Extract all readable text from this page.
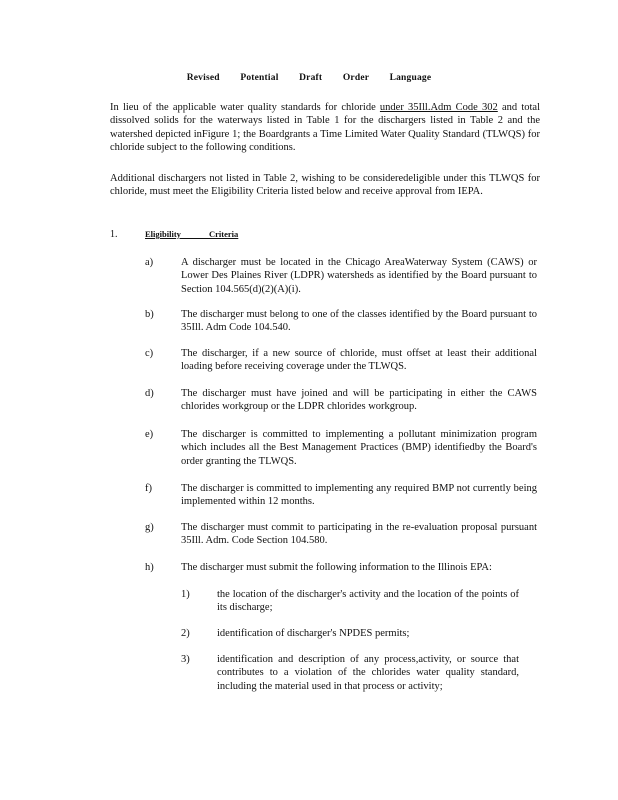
Revised Potential Draft Order Language
In lieu of the applicable water quality standards for chloride under 35Ill.Adm Code 302 and total dissolved solids for the waterways listed in Table 1 for the dischargers listed in Table 2 and the watershed depicted inFigure 1; the Boardgrants a Time Limited Water Quality Standard (TLWQS) for chloride subject to the following conditions.
Additional dischargers not listed in Table 2, wishing to be consideredeligible under this TLWQS for chloride, must meet the Eligibility Criteria listed below and receive approval from IEPA.
1.	Eligibility Criteria
a)	A discharger must be located in the Chicago AreaWaterway System (CAWS) or Lower Des Plaines River (LDPR) watersheds as identified by the Board pursuant to Section 104.565(d)(2)(A)(i).
b)	The discharger must belong to one of the classes identified by the Board pursuant to 35Ill. Adm Code 104.540.
c)	The discharger, if a new source of chloride, must offset at least their additional loading before receiving coverage under the TLWQS.
d)	The discharger must have joined and will be participating in either the CAWS chlorides workgroup or the LDPR chlorides workgroup.
e)	The discharger is committed to implementing a pollutant minimization program which includes all the Best Management Practices (BMP) identifiedby the Board's order granting the TLWQS.
f)	The discharger is committed to implementing any required BMP not currently being implemented within 12 months.
g)	The discharger must commit to participating in the re-evaluation proposal pursuant 35Ill. Adm. Code Section 104.580.
h)	The discharger must submit the following information to the Illinois EPA:
1)	the location of the discharger's activity and the location of the points of its discharge;
2)	identification of discharger's NPDES permits;
3)	identification and description of any process,activity, or source that contributes to a violation of the chlorides water quality standard, including the material used in that process or activity;
